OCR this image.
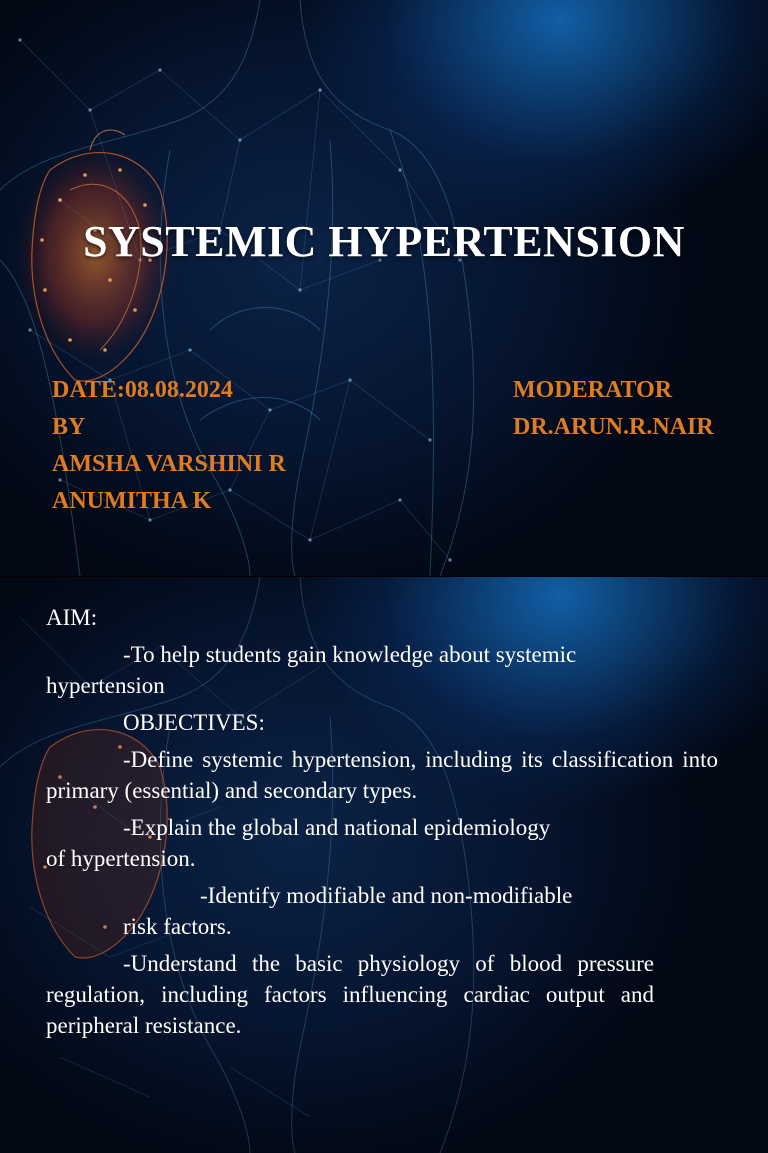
SYSTEMIC HYPERTENSION
DATE:08.08.2024
BY
AMSHA VARSHINI R
ANUMITHA K
MODERATOR
DR.ARUN.R.NAIR

AIM:

-To help students gain knowledge about systemic hypertension

OBJECTIVES:

-Define systemic hypertension, including its classification into primary (essential) and secondary types.

-Explain the global and national epidemiology

of hypertension.

-Identify modifiable and non-modifiable

risk factors.

-Understand the basic physiology of blood pressure regulation, including factors influencing cardiac output and peripheral resistance.
